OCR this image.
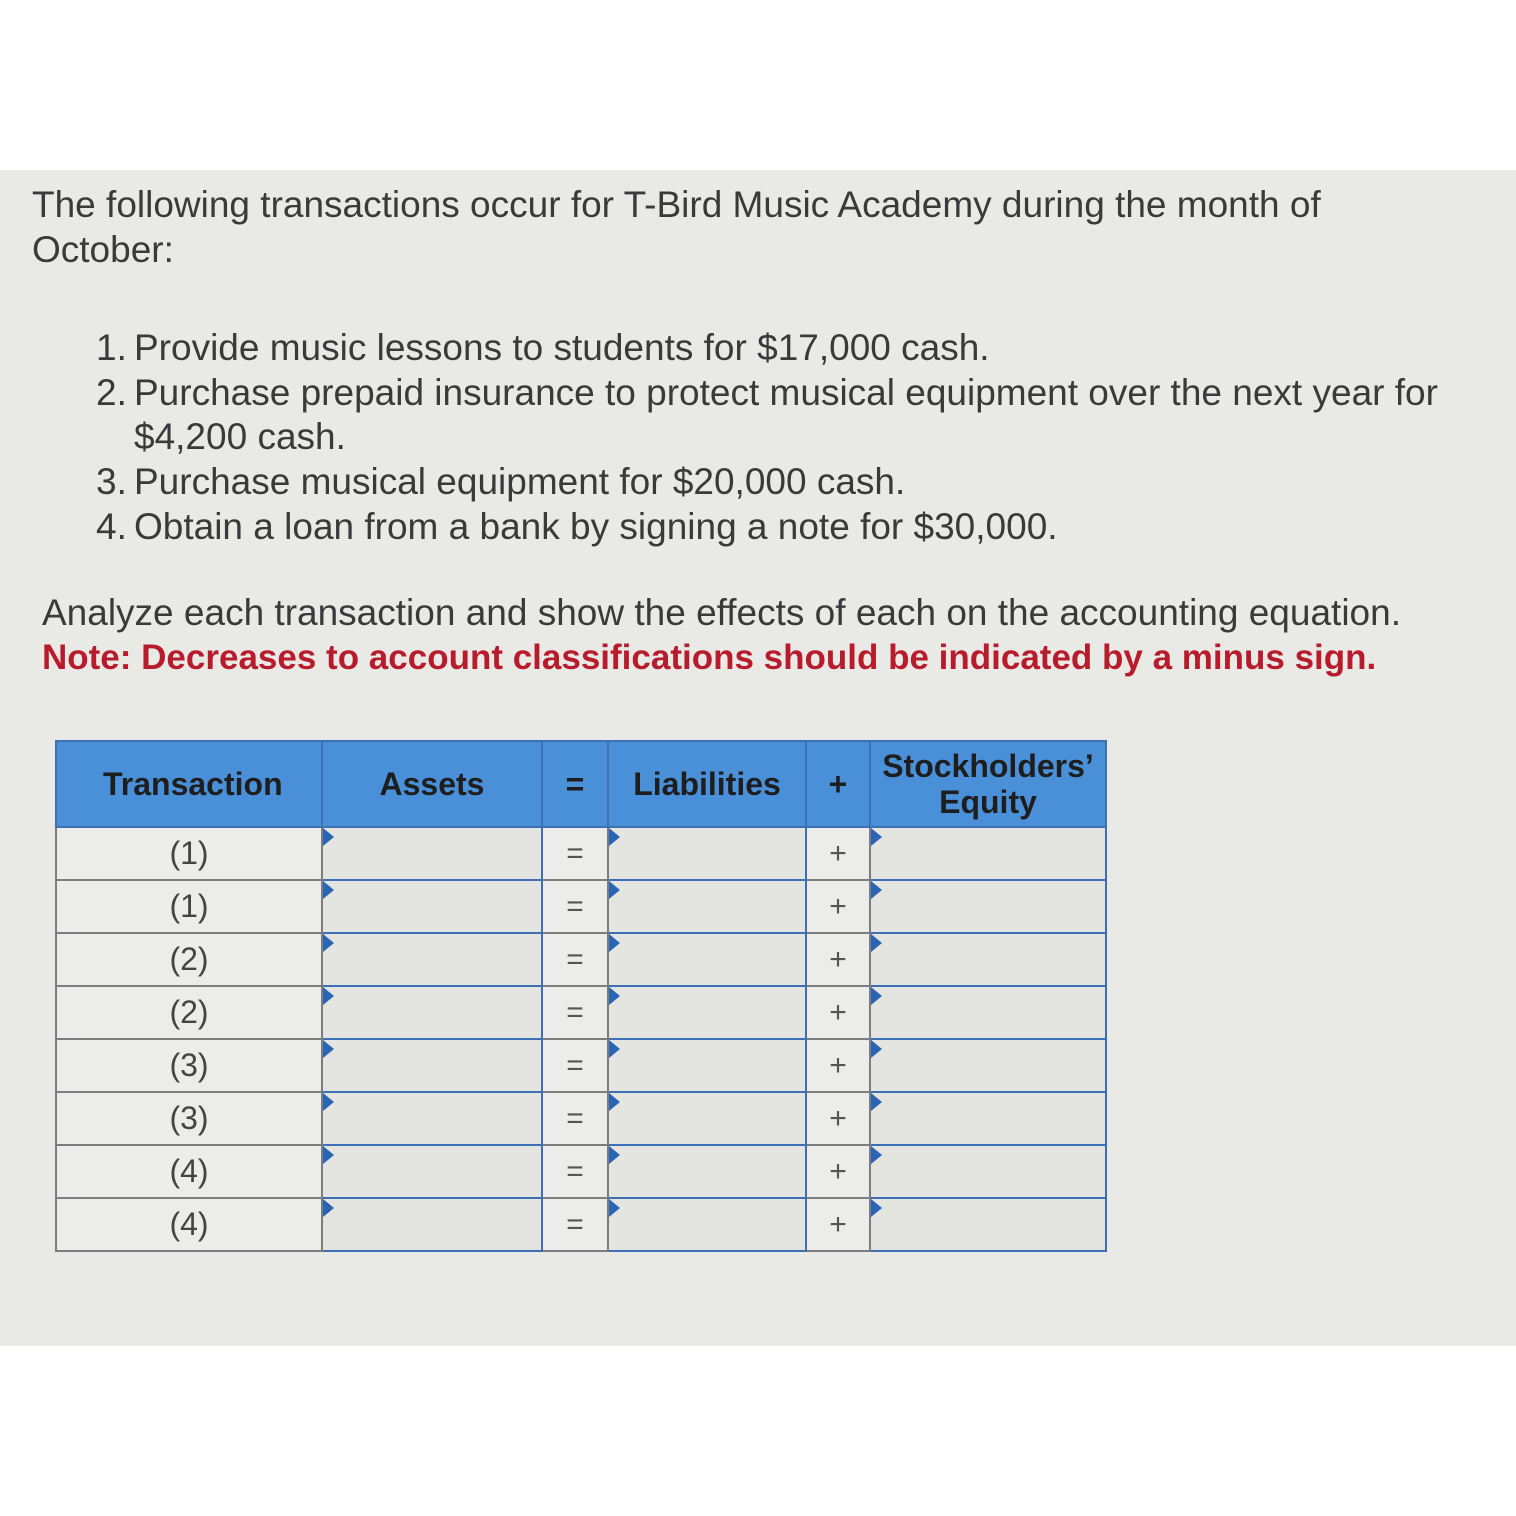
The following transactions occur for T-Bird Music Academy during the month of October:

1. Provide music lessons to students for $17,000 cash.
2. Purchase prepaid insurance to protect musical equipment over the next year for $4,200 cash.
3. Purchase musical equipment for $20,000 cash.
4. Obtain a loan from a bank by signing a note for $30,000.

Analyze each transaction and show the effects of each on the accounting equation.

Note: Decreases to account classifications should be indicated by a minus sign.

Transaction	Assets	=	Liabilities	+	Stockholders’ Equity
(1)		=		+	

(1)		=		+	

(2)		=		+	

(2)		=		+	

(3)		=		+	

(3)		=		+	

(4)		=		+	

(4)		=		+	
